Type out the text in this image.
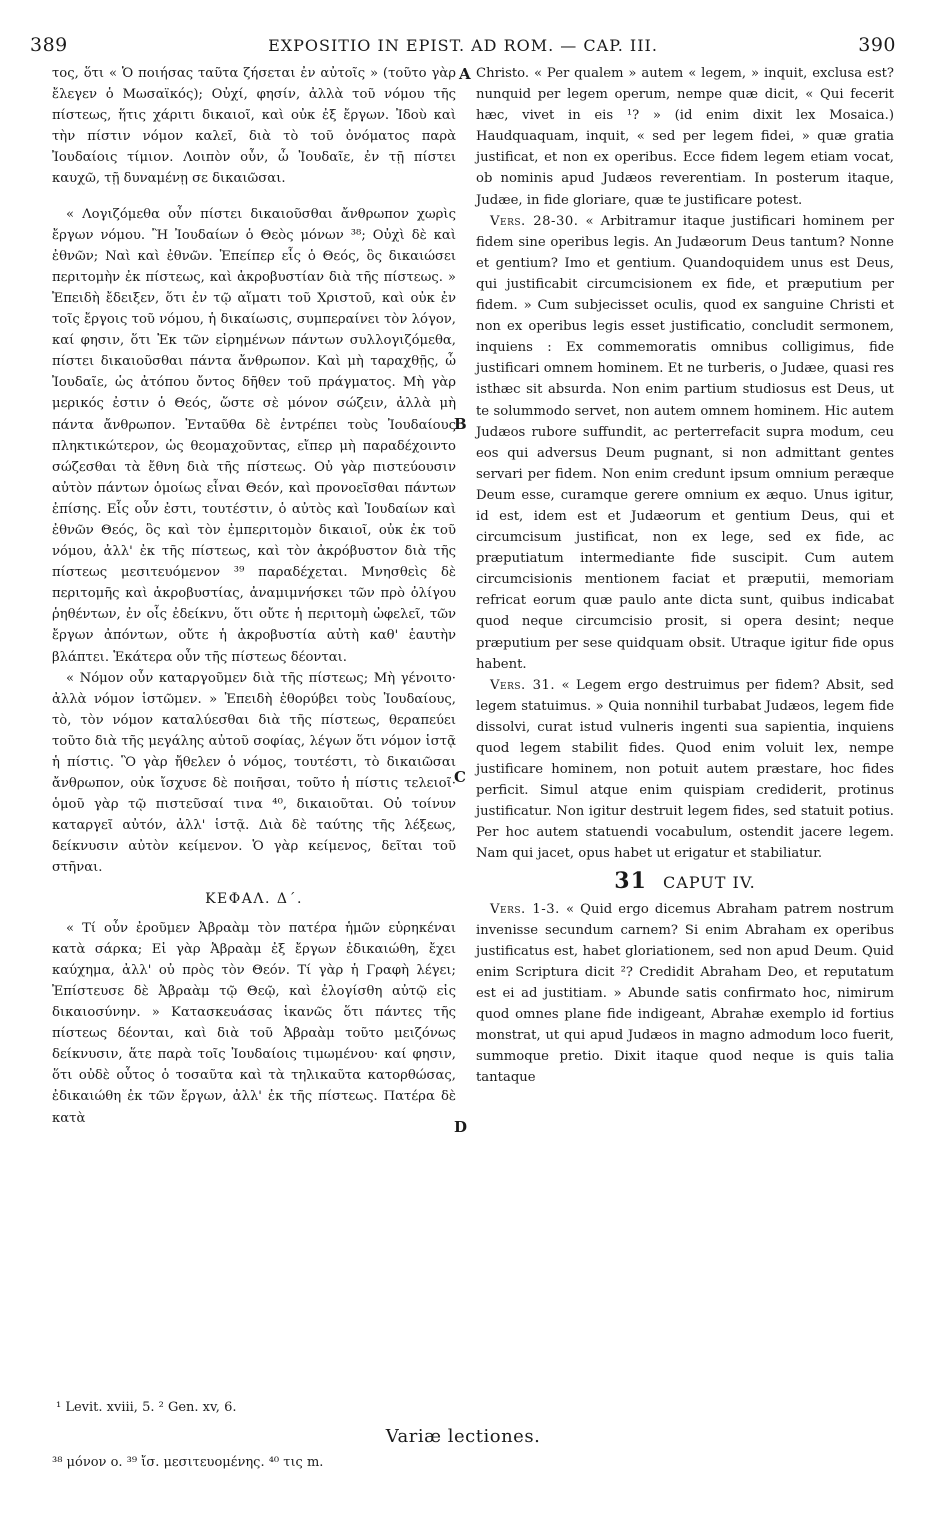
389	EXPOSITIO IN EPIST. AD ROM. — CAP. III.	390
A
B
C
D

τος, ὅτι « Ὁ ποιήσας ταῦτα ζήσεται ἐν αὐτοῖς » (τοῦτο γὰρ ἔλεγεν ὁ Μωσαϊκός); Οὐχί, φησίν, ἀλλὰ τοῦ νόμου τῆς πίστεως, ἥτις χάριτι δικαιοῖ, καὶ οὐκ ἐξ ἔργων. Ἰδοὺ καὶ τὴν πίστιν νόμον καλεῖ, διὰ τὸ τοῦ ὀνόματος παρὰ Ἰουδαίοις τίμιον. Λοιπὸν οὖν, ὦ Ἰουδαῖε, ἐν τῇ πίστει καυχῶ, τῇ δυναμένῃ σε δικαιῶσαι.

« Λογιζόμεθα οὖν πίστει δικαιοῦσθαι ἄνθρωπον χωρὶς ἔργων νόμου. Ἢ Ἰουδαίων ὁ Θεὸς μόνων ³⁸; Οὐχὶ δὲ καὶ ἐθνῶν; Ναὶ καὶ ἐθνῶν. Ἐπείπερ εἷς ὁ Θεός, ὃς δικαιώσει περιτομὴν ἐκ πίστεως, καὶ ἀκροβυστίαν διὰ τῆς πίστεως. » Ἐπειδὴ ἔδειξεν, ὅτι ἐν τῷ αἵματι τοῦ Χριστοῦ, καὶ οὐκ ἐν τοῖς ἔργοις τοῦ νόμου, ἡ δικαίωσις, συμπεραίνει τὸν λόγον, καί φησιν, ὅτι Ἐκ τῶν εἰρημένων πάντων συλλογιζόμεθα, πίστει δικαιοῦσθαι πάντα ἄνθρωπον. Καὶ μὴ ταραχθῇς, ὦ Ἰουδαῖε, ὡς ἀτόπου ὄντος δῆθεν τοῦ πράγματος. Μὴ γὰρ μερικός ἐστιν ὁ Θεός, ὥστε σὲ μόνον σώζειν, ἀλλὰ μὴ πάντα ἄνθρωπον. Ἐνταῦθα δὲ ἐντρέπει τοὺς Ἰουδαίους πληκτικώτερον, ὡς θεομαχοῦντας, εἴπερ μὴ παραδέχοιντο σώζεσθαι τὰ ἔθνη διὰ τῆς πίστεως. Οὐ γὰρ πιστεύουσιν αὐτὸν πάντων ὁμοίως εἶναι Θεόν, καὶ προνοεῖσθαι πάντων ἐπίσης. Εἷς οὖν ἐστι, τουτέστιν, ὁ αὐτὸς καὶ Ἰουδαίων καὶ ἐθνῶν Θεός, ὃς καὶ τὸν ἐμπεριτομὸν δικαιοῖ, οὐκ ἐκ τοῦ νόμου, ἀλλ' ἐκ τῆς πίστεως, καὶ τὸν ἀκρόβυστον διὰ τῆς πίστεως μεσιτευόμενον ³⁹ παραδέχεται. Μνησθεὶς δὲ περιτομῆς καὶ ἀκροβυστίας, ἀναμιμνήσκει τῶν πρὸ ὀλίγου ῥηθέντων, ἐν οἷς ἐδείκνυ, ὅτι οὔτε ἡ περιτομὴ ὠφελεῖ, τῶν ἔργων ἀπόντων, οὔτε ἡ ἀκροβυστία αὐτὴ καθ' ἑαυτὴν βλάπτει. Ἑκάτερα οὖν τῆς πίστεως δέονται.

« Νόμον οὖν καταργοῦμεν διὰ τῆς πίστεως; Μὴ γένοιτο· ἀλλὰ νόμον ἱστῶμεν. » Ἐπειδὴ ἐθορύβει τοὺς Ἰουδαίους, τὸ, τὸν νόμον καταλύεσθαι διὰ τῆς πίστεως, θεραπεύει τοῦτο διὰ τῆς μεγάλης αὐτοῦ σοφίας, λέγων ὅτι νόμον ἱστᾷ ἡ πίστις. Ὃ γὰρ ἤθελεν ὁ νόμος, τουτέστι, τὸ δικαιῶσαι ἄνθρωπον, οὐκ ἴσχυσε δὲ ποιῆσαι, τοῦτο ἡ πίστις τελειοῖ· ὁμοῦ γὰρ τῷ πιστεῦσαί τινα ⁴⁰, δικαιοῦται. Οὐ τοίνυν καταργεῖ αὐτόν, ἀλλ' ἱστᾷ. Διὰ δὲ ταύτης τῆς λέξεως, δείκνυσιν αὐτὸν κείμενον. Ὁ γὰρ κείμενος, δεῖται τοῦ στῆναι.

ΚΕΦΑΛ. Δ΄.

« Τί οὖν ἐροῦμεν Ἀβραὰμ τὸν πατέρα ἡμῶν εὑρηκέναι κατὰ σάρκα; Εἰ γὰρ Ἀβραὰμ ἐξ ἔργων ἐδικαιώθη, ἔχει καύχημα, ἀλλ' οὐ πρὸς τὸν Θεόν. Τί γὰρ ἡ Γραφὴ λέγει; Ἐπίστευσε δὲ Ἀβραὰμ τῷ Θεῷ, καὶ ἐλογίσθη αὐτῷ εἰς δικαιοσύνην. » Κατασκευάσας ἱκανῶς ὅτι πάντες τῆς πίστεως δέονται, καὶ διὰ τοῦ Ἀβραὰμ τοῦτο μειζόνως δείκνυσιν, ἅτε παρὰ τοῖς Ἰουδαίοις τιμωμένου· καί φησιν, ὅτι οὐδὲ οὗτος ὁ τοσαῦτα καὶ τὰ τηλικαῦτα κατορθώσας, ἐδικαιώθη ἐκ τῶν ἔργων, ἀλλ' ἐκ τῆς πίστεως. Πατέρα δὲ κατὰ

Christo. « Per qualem » autem « legem, » inquit, exclusa est? nunquid per legem operum, nempe quæ dicit, « Qui fecerit hæc, vivet in eis ¹? » (id enim dixit lex Mosaica.) Haudquaquam, inquit, « sed per legem fidei, » quæ gratia justificat, et non ex operibus. Ecce fidem legem etiam vocat, ob nominis apud Judæos reverentiam. In posterum itaque, Judæe, in fide gloriare, quæ te justificare potest.

Vers. 28-30. « Arbitramur itaque justificari hominem per fidem sine operibus legis. An Judæorum Deus tantum? Nonne et gentium? Imo et gentium. Quandoquidem unus est Deus, qui justificabit circumcisionem ex fide, et præputium per fidem. » Cum subjecisset oculis, quod ex sanguine Christi et non ex operibus legis esset justificatio, concludit sermonem, inquiens : Ex commemoratis omnibus colligimus, fide justificari omnem hominem. Et ne turberis, o Judæe, quasi res isthæc sit absurda. Non enim partium studiosus est Deus, ut te solummodo servet, non autem omnem hominem. Hic autem Judæos rubore suffundit, ac perterrefacit supra modum, ceu eos qui adversus Deum pugnant, si non admittant gentes servari per fidem. Non enim credunt ipsum omnium peræque Deum esse, curamque gerere omnium ex æquo. Unus igitur, id est, idem est et Judæorum et gentium Deus, qui et circumcisum justificat, non ex lege, sed ex fide, ac præputiatum intermediante fide suscipit. Cum autem circumcisionis mentionem faciat et præputii, memoriam refricat eorum quæ paulo ante dicta sunt, quibus indicabat quod neque circumcisio prosit, si opera desint; neque præputium per sese quidquam obsit. Utraque igitur fide opus habent.

Vers. 31. « Legem ergo destruimus per fidem? Absit, sed legem statuimus. » Quia nonnihil turbabat Judæos, legem fide dissolvi, curat istud vulneris ingenti sua sapientia, inquiens quod legem stabilit fides. Quod enim voluit lex, nempe justificare hominem, non potuit autem præstare, hoc fides perficit. Simul atque enim quispiam crediderit, protinus justificatur. Non igitur destruit legem fides, sed statuit potius. Per hoc autem statuendi vocabulum, ostendit jacere legem. Nam qui jacet, opus habet ut erigatur et stabiliatur.

31 CAPUT IV.

Vers. 1-3. « Quid ergo dicemus Abraham patrem nostrum invenisse secundum carnem? Si enim Abraham ex operibus justificatus est, habet gloriationem, sed non apud Deum. Quid enim Scriptura dicit ²? Credidit Abraham Deo, et reputatum est ei ad justitiam. » Abunde satis confirmato hoc, nimirum quod omnes plane fide indigeant, Abrahæ exemplo id fortius monstrat, ut qui apud Judæos in magno admodum loco fuerit, summoque pretio. Dixit itaque quod neque is quis talia tantaque

¹ Levit. xviii, 5. ² Gen. xv, 6.
Variæ lectiones.
³⁸ μόνον ο. ³⁹ ἴσ. μεσιτευομένης. ⁴⁰ τις m.
